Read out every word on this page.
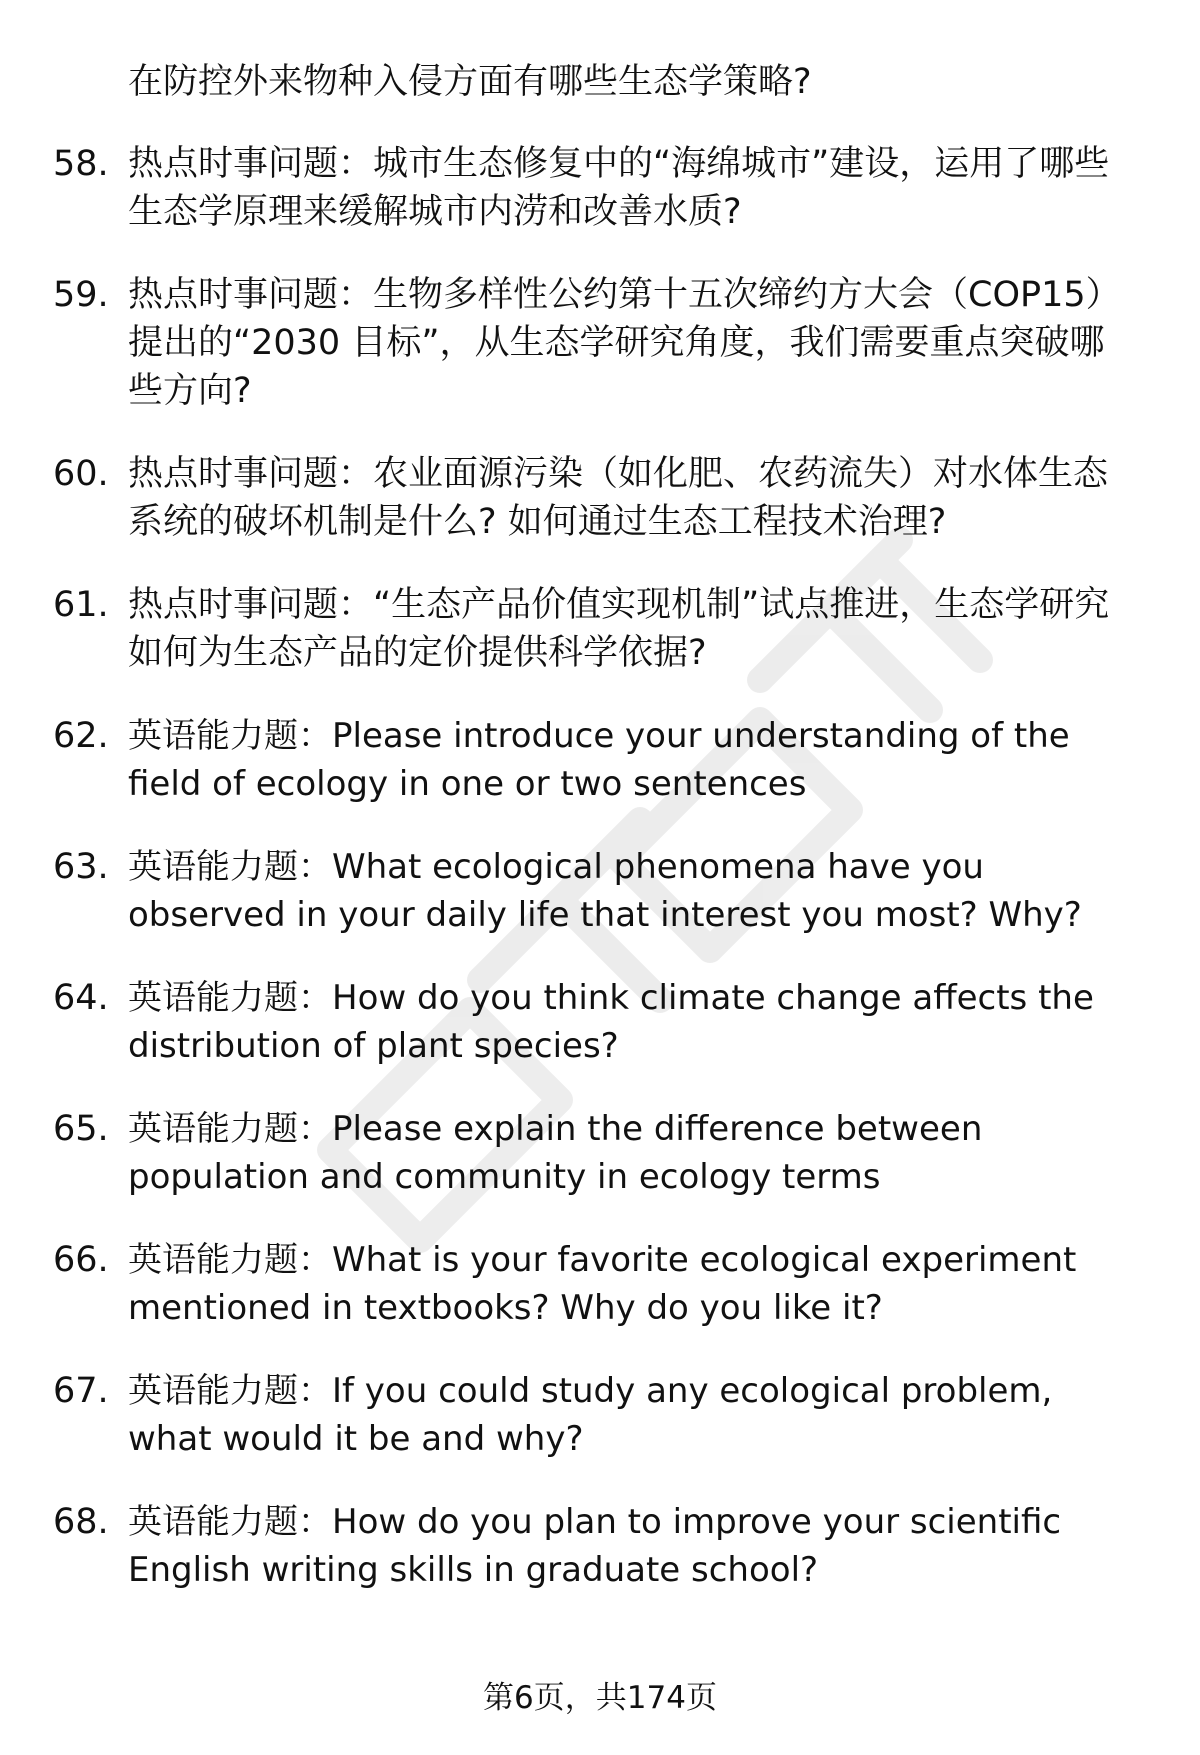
在防控外来物种入侵方面有哪些生态学策略?

58. 热点时事问题：城市生态修复中的“海绵城市”建设，运用了哪些生态学原理来缓解城市内涝和改善水质?
59. 热点时事问题：生物多样性公约第十五次缔约方大会（COP15）提出的“2030 目标”，从生态学研究角度，我们需要重点突破哪些方向?
60. 热点时事问题：农业面源污染（如化肥、农药流失）对水体生态系统的破坏机制是什么? 如何通过生态工程技术治理?
61. 热点时事问题：“生态产品价值实现机制”试点推进，生态学研究如何为生态产品的定价提供科学依据?
62. 英语能力题：Please introduce your understanding of the field of ecology in one or two sentences
63. 英语能力题：What ecological phenomena have you observed in your daily life that interest you most? Why?
64. 英语能力题：How do you think climate change affects the distribution of plant species?
65. 英语能力题：Please explain the difference between population and community in ecology terms
66. 英语能力题：What is your favorite ecological experiment mentioned in textbooks? Why do you like it?
67. 英语能力题：If you could study any ecological problem, what would it be and why?
68. 英语能力题：How do you plan to improve your scientific English writing skills in graduate school?
第6页，共174页
